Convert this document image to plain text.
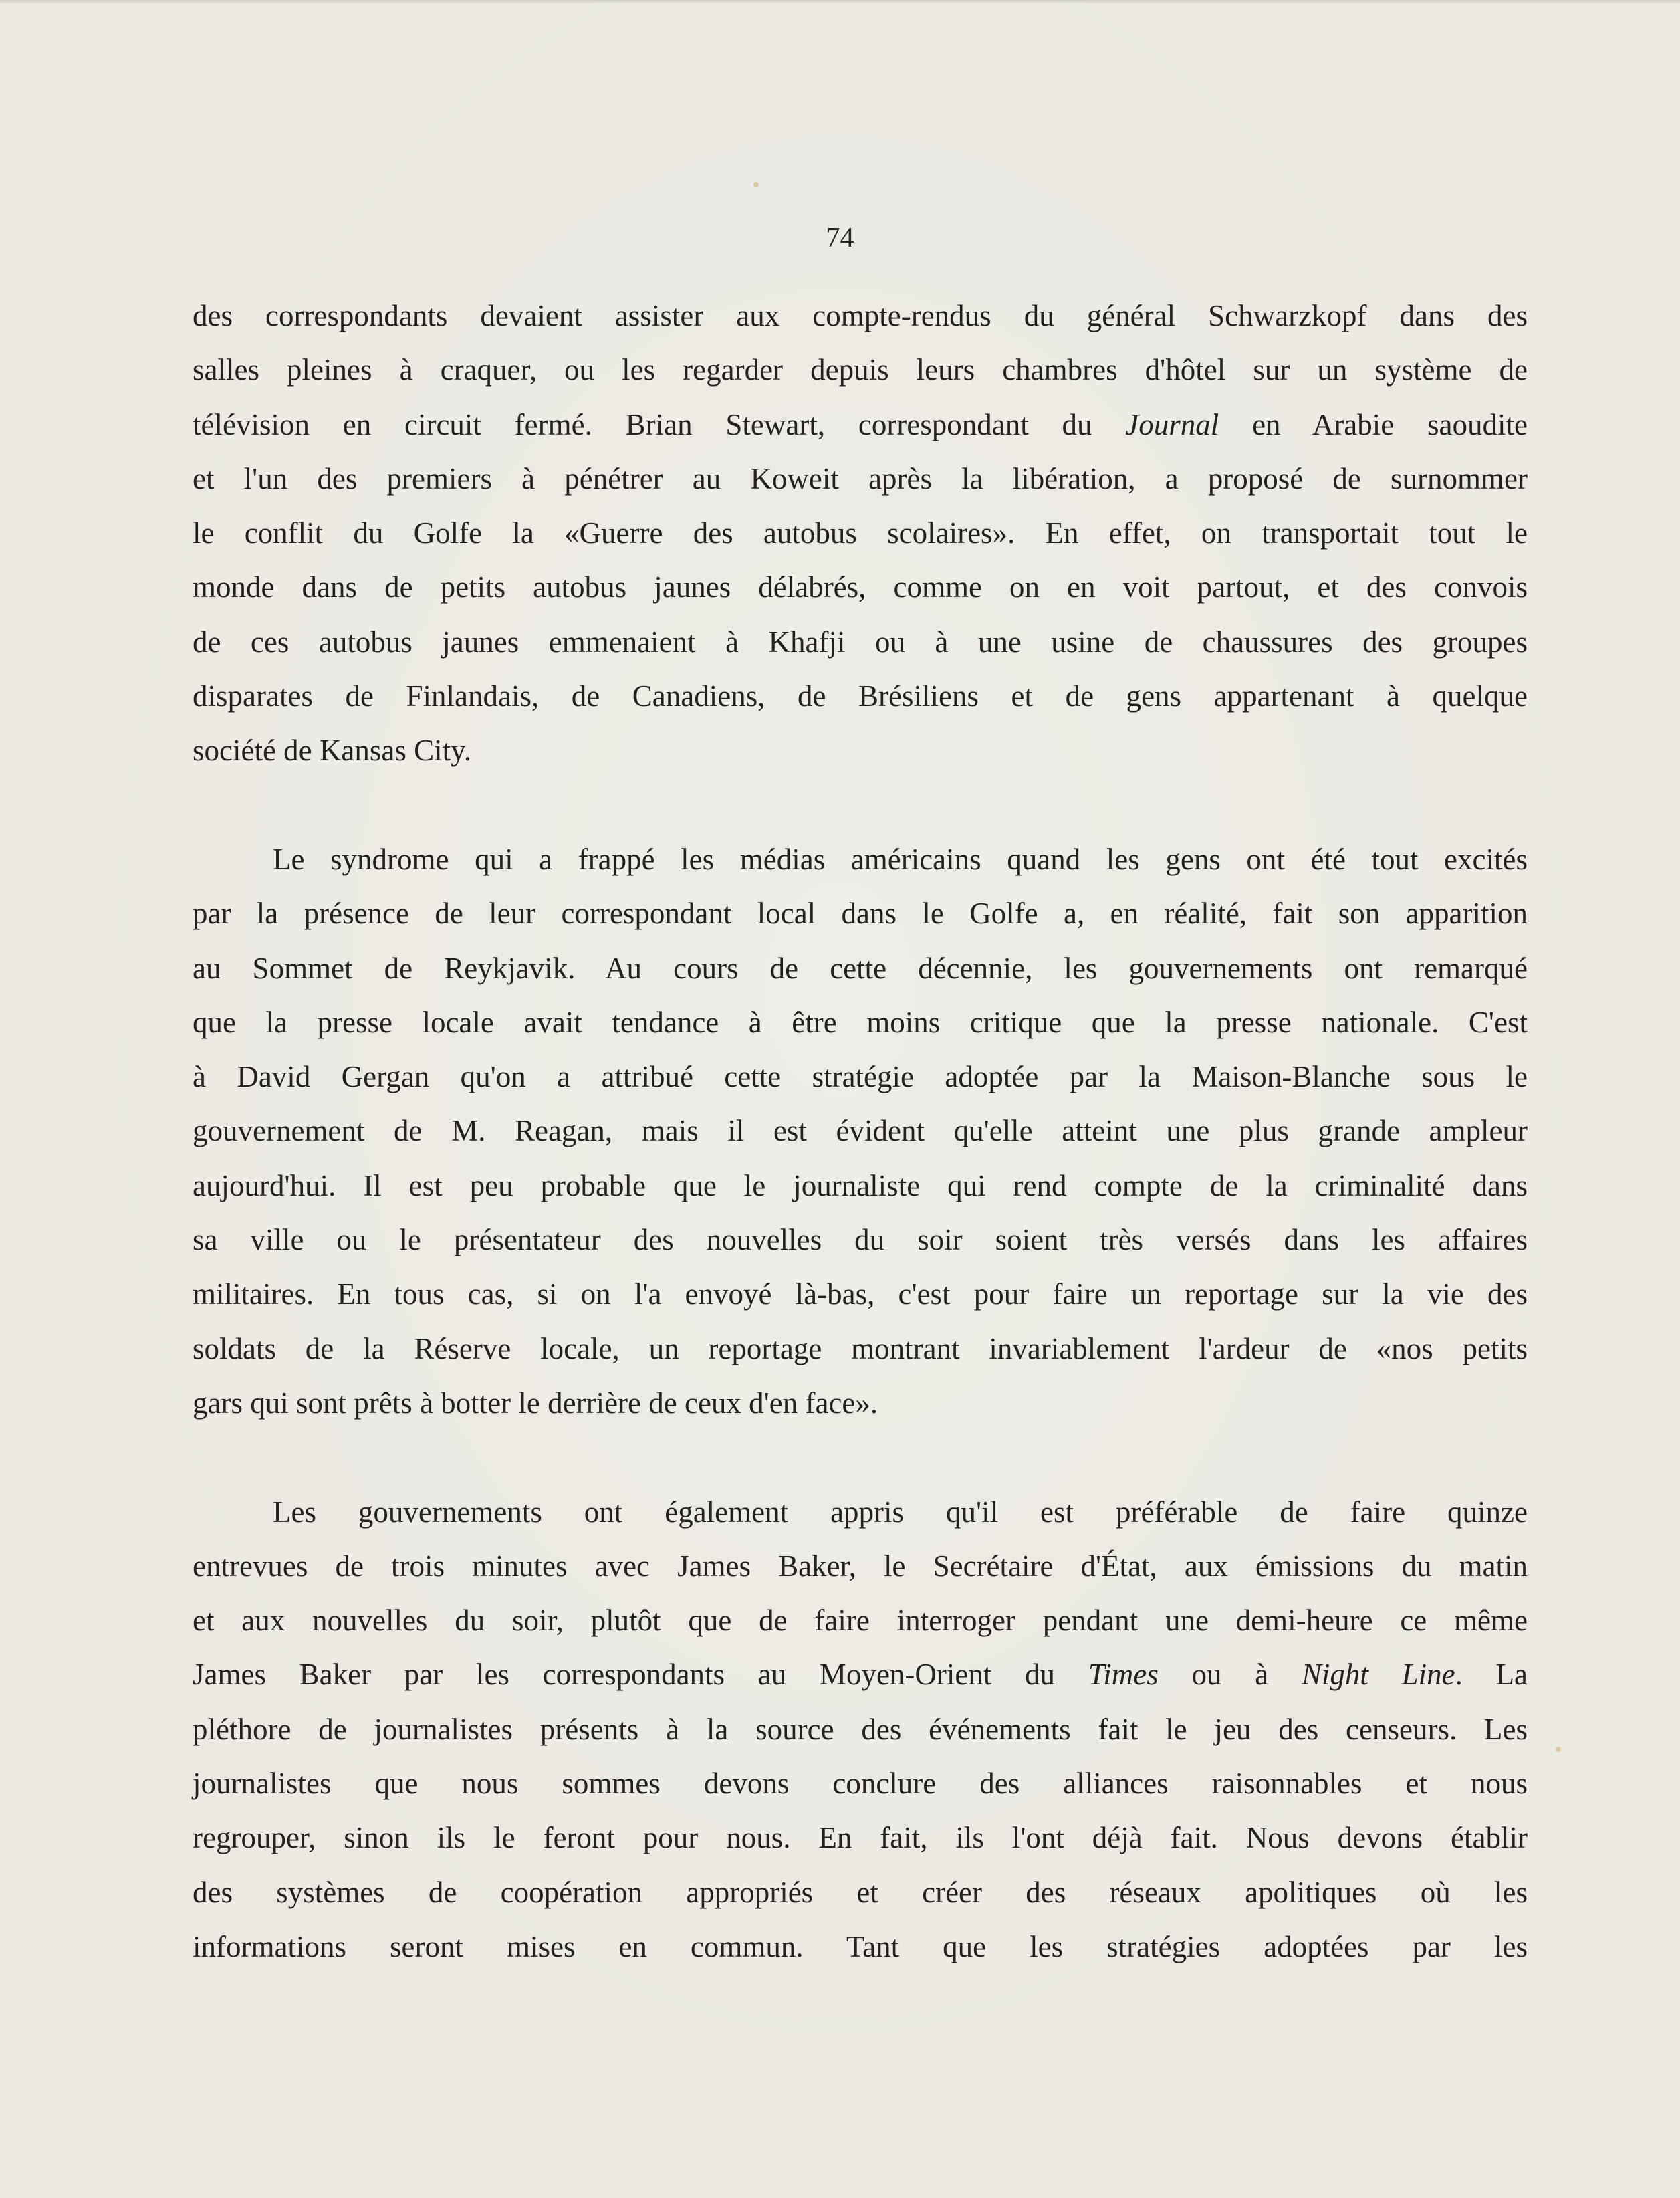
74

des correspondants devaient assister aux compte-rendus du général Schwarzkopf dans des
salles pleines à craquer, ou les regarder depuis leurs chambres d'hôtel sur un système de
télévision en circuit fermé. Brian Stewart, correspondant du Journal en Arabie saoudite
et l'un des premiers à pénétrer au Koweit après la libération, a proposé de surnommer
le conflit du Golfe la «Guerre des autobus scolaires». En effet, on transportait tout le
monde dans de petits autobus jaunes délabrés, comme on en voit partout, et des convois
de ces autobus jaunes emmenaient à Khafji ou à une usine de chaussures des groupes
disparates de Finlandais, de Canadiens, de Brésiliens et de gens appartenant à quelque
société de Kansas City.
Le syndrome qui a frappé les médias américains quand les gens ont été tout excités
par la présence de leur correspondant local dans le Golfe a, en réalité, fait son apparition
au Sommet de Reykjavik. Au cours de cette décennie, les gouvernements ont remarqué
que la presse locale avait tendance à être moins critique que la presse nationale. C'est
à David Gergan qu'on a attribué cette stratégie adoptée par la Maison-Blanche sous le
gouvernement de M. Reagan, mais il est évident qu'elle atteint une plus grande ampleur
aujourd'hui. Il est peu probable que le journaliste qui rend compte de la criminalité dans
sa ville ou le présentateur des nouvelles du soir soient très versés dans les affaires
militaires. En tous cas, si on l'a envoyé là-bas, c'est pour faire un reportage sur la vie des
soldats de la Réserve locale, un reportage montrant invariablement l'ardeur de «nos petits
gars qui sont prêts à botter le derrière de ceux d'en face».
Les gouvernements ont également appris qu'il est préférable de faire quinze
entrevues de trois minutes avec James Baker, le Secrétaire d'État, aux émissions du matin
et aux nouvelles du soir, plutôt que de faire interroger pendant une demi-heure ce même
James Baker par les correspondants au Moyen-Orient du Times ou à Night Line. La
pléthore de journalistes présents à la source des événements fait le jeu des censeurs. Les
journalistes que nous sommes devons conclure des alliances raisonnables et nous
regrouper, sinon ils le feront pour nous. En fait, ils l'ont déjà fait. Nous devons établir
des systèmes de coopération appropriés et créer des réseaux apolitiques où les
informations seront mises en commun. Tant que les stratégies adoptées par les
